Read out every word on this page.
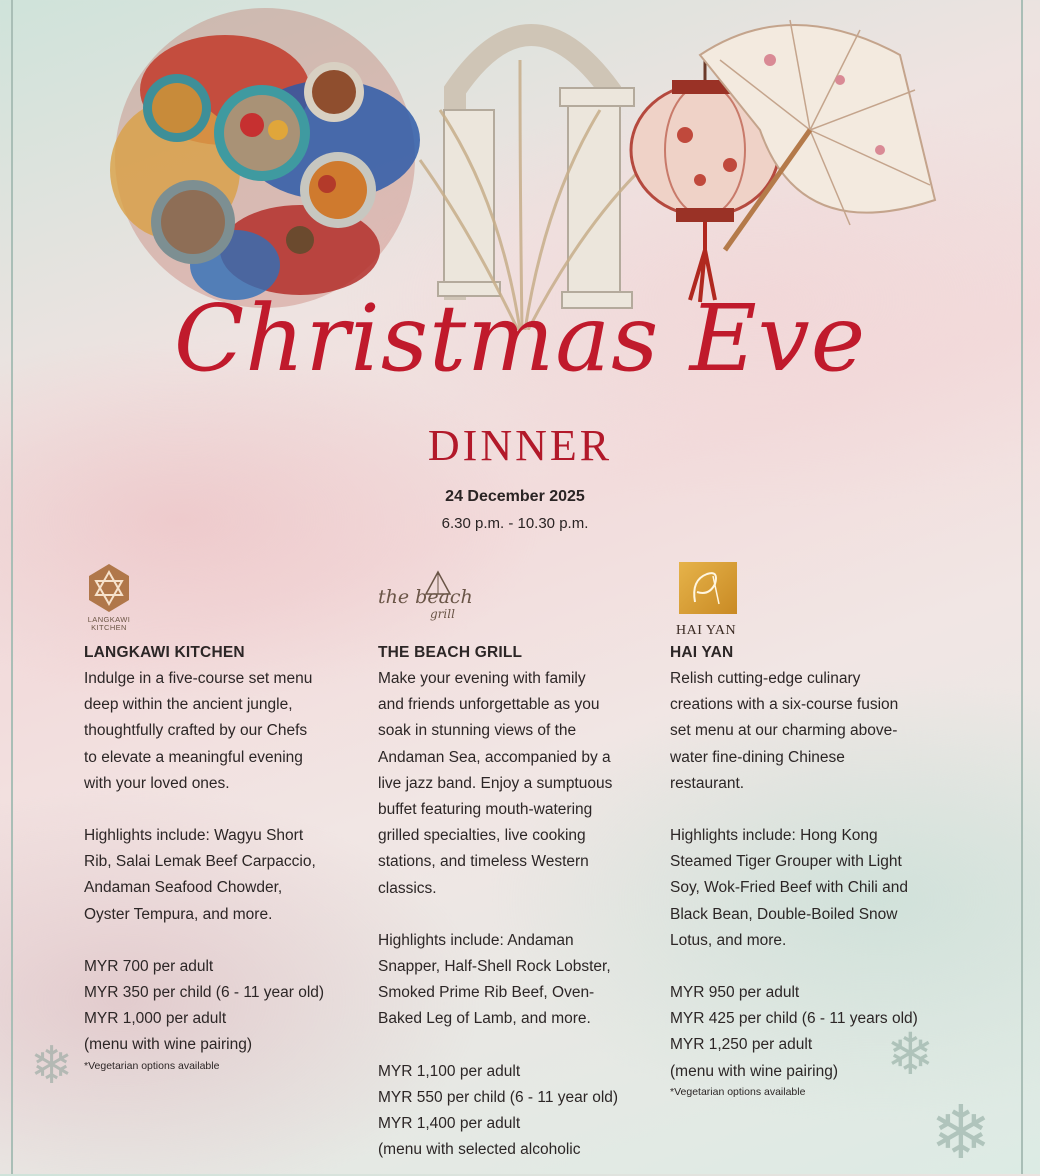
Christmas Eve
DINNER
24 December 2025
6.30 p.m. - 10.30 p.m.
LANGKAWI KITCHEN
LANGKAWI KITCHEN

Indulge in a five-course set menu

deep within the ancient jungle,

thoughtfully crafted by our Chefs

to elevate a meaningful evening

with your loved ones.

Highlights include: Wagyu Short

Rib, Salai Lemak Beef Carpaccio,

Andaman Seafood Chowder,

Oyster Tempura, and more.

MYR 700 per adult

MYR 350 per child (6 - 11 year old)

MYR 1,000 per adult

(menu with wine pairing)

*Vegetarian options available

the beach
grill
THE BEACH GRILL

Make your evening with family

and friends unforgettable as you

soak in stunning views of the

Andaman Sea, accompanied by a

live jazz band. Enjoy a sumptuous

buffet featuring mouth-watering

grilled specialties, live cooking

stations, and timeless Western

classics.

Highlights include: Andaman

Snapper, Half-Shell Rock Lobster,

Smoked Prime Rib Beef, Oven-

Baked Leg of Lamb, and more.

MYR 1,100 per adult

MYR 550 per child (6 - 11 year old)

MYR 1,400 per adult

(menu with selected alcoholic

HAI YAN
HAI YAN

Relish cutting-edge culinary

creations with a six-course fusion

set menu at our charming above-

water fine-dining Chinese

restaurant.

Highlights include: Hong Kong

Steamed Tiger Grouper with Light

Soy, Wok-Fried Beef with Chili and

Black Bean, Double-Boiled Snow

Lotus, and more.

MYR 950 per adult

MYR 425 per child (6 - 11 years old)

MYR 1,250 per adult

(menu with wine pairing)

*Vegetarian options available

❄	❄
❄
